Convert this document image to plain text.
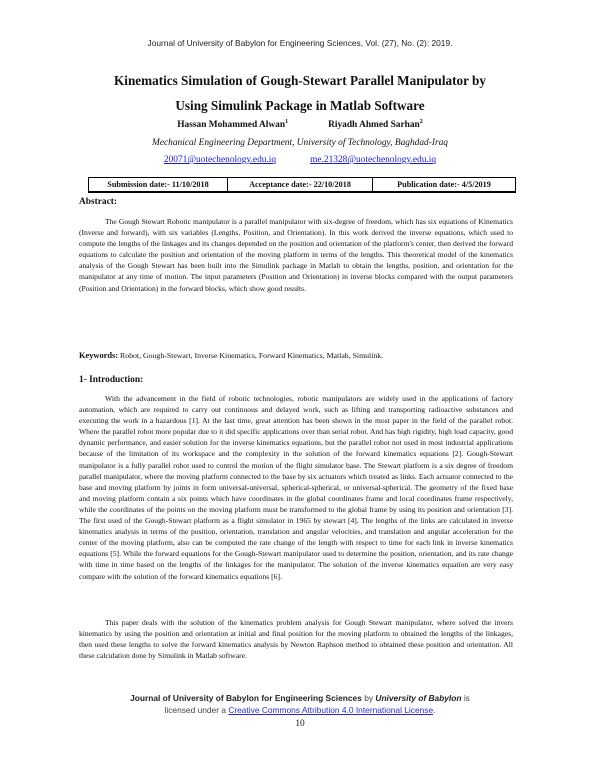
Journal of University of Babylon for Engineering Sciences, Vol. (27), No. (2): 2019.
Kinematics Simulation of Gough-Stewart Parallel Manipulator by
Using Simulink Package in Matlab Software
Hassan Mohammed Alwan$^1$	Riyadh Ahmed Sarhan$^2$
Mechanical Engineering Department, University of Technology, Baghdad-Iraq
20071@uotechenology.edu.iq	me.21328@uotechenology.edu.iq
Submission date:- 11/10/2018	Acceptance date:- 22/10/2018	Publication date:- 4/5/2019
Abstract:

The Gough Stewart Robotic manipulator is a parallel manipulator with six-degree of freedom, which has six equations of Kinematics (Inverse and forward), with six variables (Lengths, Position, and Orientation). In this work derived the inverse equations, which used to compute the lengths of the linkages and its changes depended on the position and orientation of the platform's center, then derived the forward equations to calculate the position and orientation of the moving platform in terms of the lengths. This theoretical model of the kinematics analysis of the Gough Stewart has been built into the Simulink package in Matlab to obtain the lengths, position, and orientation for the manipulator at any time of motion. The input parameters (Position and Orientation) in inverse blocks compared with the output parameters (Position and Orientation) in the forward blocks, which show good results.

Keywords: Robot, Gough-Stewart, Inverse Kinematics, Forward Kinematics, Matlab, Simulink.
1- Introduction:

With the advancement in the field of robotic technologies, robotic manipulators are widely used in the applications of factory automation, which are required to carry out continuous and delayed work, such as lifting and transporting radioactive substances and executing the work in a hazardous [1]. At the last time, great attention has been shown in the most paper in the field of the parallel robot. Where the parallel robot more popular due to it did specific applications over than serial robot. And has high rigidity, high load capacity, good dynamic performance, and easier solution for the inverse kinematics equations, but the parallel robot not used in most industrial applications because of the limitation of its workspace and the complexity in the solution of the forward kinematics equations [2]. Gough-Stewart manipulator is a fully parallel robot used to control the motion of the flight simulator base. The Stewart platform is a six degree of freedom parallel manipulator, where the moving platform connected to the base by six actuators which treated as links. Each actuator connected to the base and moving platform by joints in form universal-universal, spherical-spherical, or universal-spherical. The geometry of the fixed base and moving platform contain a six points which have coordinates in the global coordinates frame and local coordinates frame respectively, while the coordinates of the points on the moving platform must be transformed to the global frame by using its position and orientation [3]. The first used of the Gough-Stewart platform as a flight simulator in 1965 by stewart [4]. The lengths of the links are calculated in inverse kinematics analysis in terms of the position, orientation, translation and angular velocities, and translation and angular acceleration for the center of the moving platform, also can be computed the rate change of the length with respect to time for each link in inverse kinematics equations [5]. While the forward equations for the Gough-Stewart manipulator used to determine the position, orientation, and its rate change with time in time based on the lengths of the linkages for the manipulator. The solution of the inverse kinematics equation are very easy compare with the solution of the forward kinematics equations [6].

This paper deals with the solution of the kinematics problem analysis for Gough Stewart manipulator, where solved the invers kinematics by using the position and orientation at initial and final position for the moving platform to obtained the lengths of the linkages, then used these lengths to solve the forward kinematics analysis by Newton Raphson method to obtained these position and orientation. All these calculation done by Simulink in Matlab software.

Journal of University of Babylon for Engineering Sciences by University of Babylon is
licensed under a Creative Commons Attribution 4.0 International License.
10
